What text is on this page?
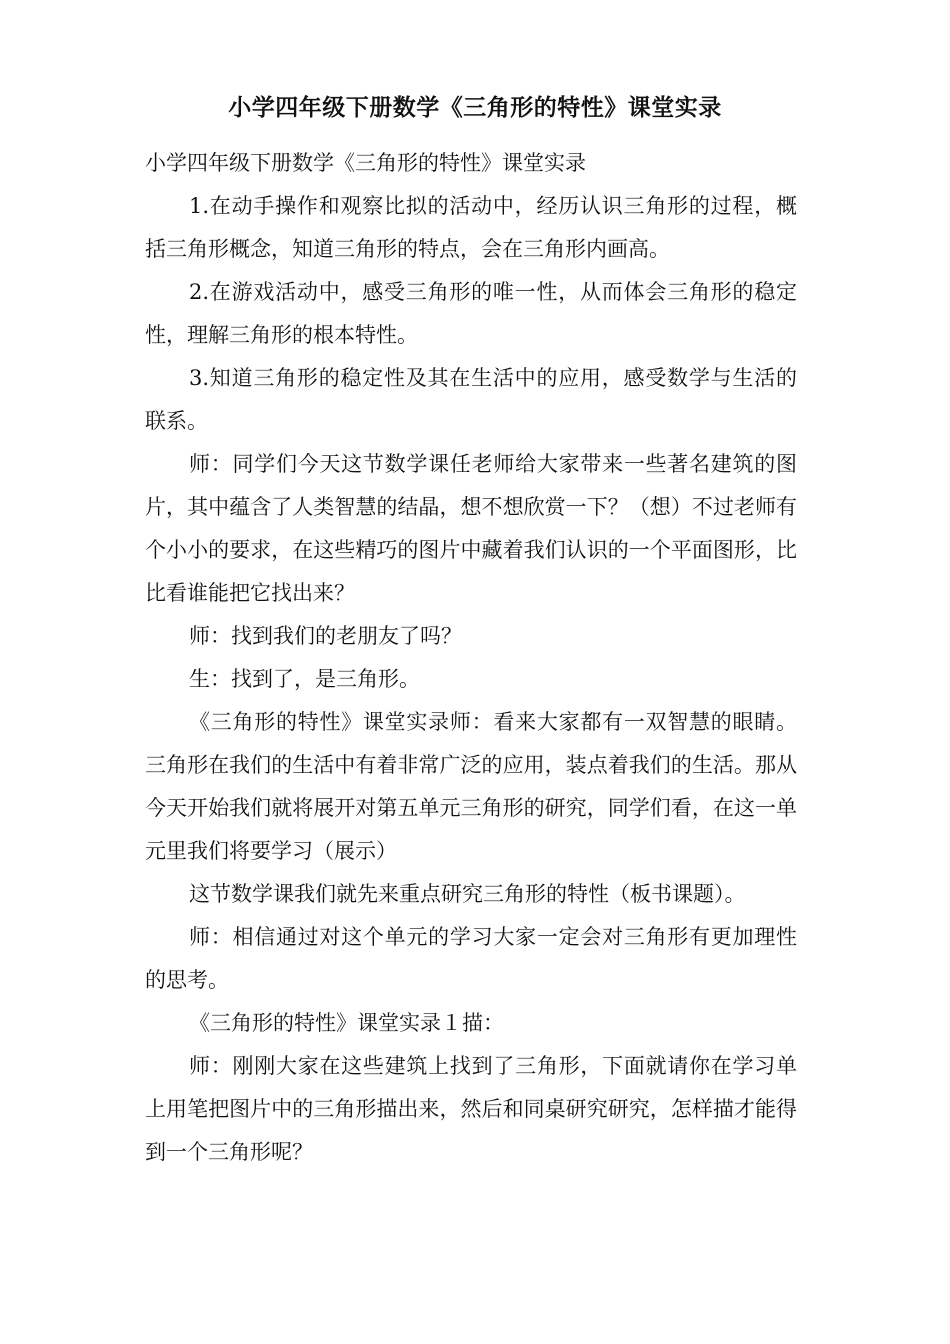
小学四年级下册数学《三角形的特性》课堂实录

小学四年级下册数学《三角形的特性》课堂实录

1.在动手操作和观察比拟的活动中，经历认识三角形的过程，概括三角形概念，知道三角形的特点，会在三角形内画高。

2.在游戏活动中，感受三角形的唯一性，从而体会三角形的稳定性，理解三角形的根本特性。

3.知道三角形的稳定性及其在生活中的应用，感受数学与生活的联系。

师：同学们今天这节数学课任老师给大家带来一些著名建筑的图片，其中蕴含了人类智慧的结晶，想不想欣赏一下？（想）不过老师有个小小的要求，在这些精巧的图片中藏着我们认识的一个平面图形，比比看谁能把它找出来？

师：找到我们的老朋友了吗？

生：找到了，是三角形。

《三角形的特性》课堂实录师：看来大家都有一双智慧的眼睛。三角形在我们的生活中有着非常广泛的应用，装点着我们的生活。那从今天开始我们就将展开对第五单元三角形的研究，同学们看，在这一单元里我们将要学习（展示）

这节数学课我们就先来重点研究三角形的特性（板书课题）。

师：相信通过对这个单元的学习大家一定会对三角形有更加理性的思考。

《三角形的特性》课堂实录１描：

师：刚刚大家在这些建筑上找到了三角形，下面就请你在学习单上用笔把图片中的三角形描出来，然后和同桌研究研究，怎样描才能得到一个三角形呢？
